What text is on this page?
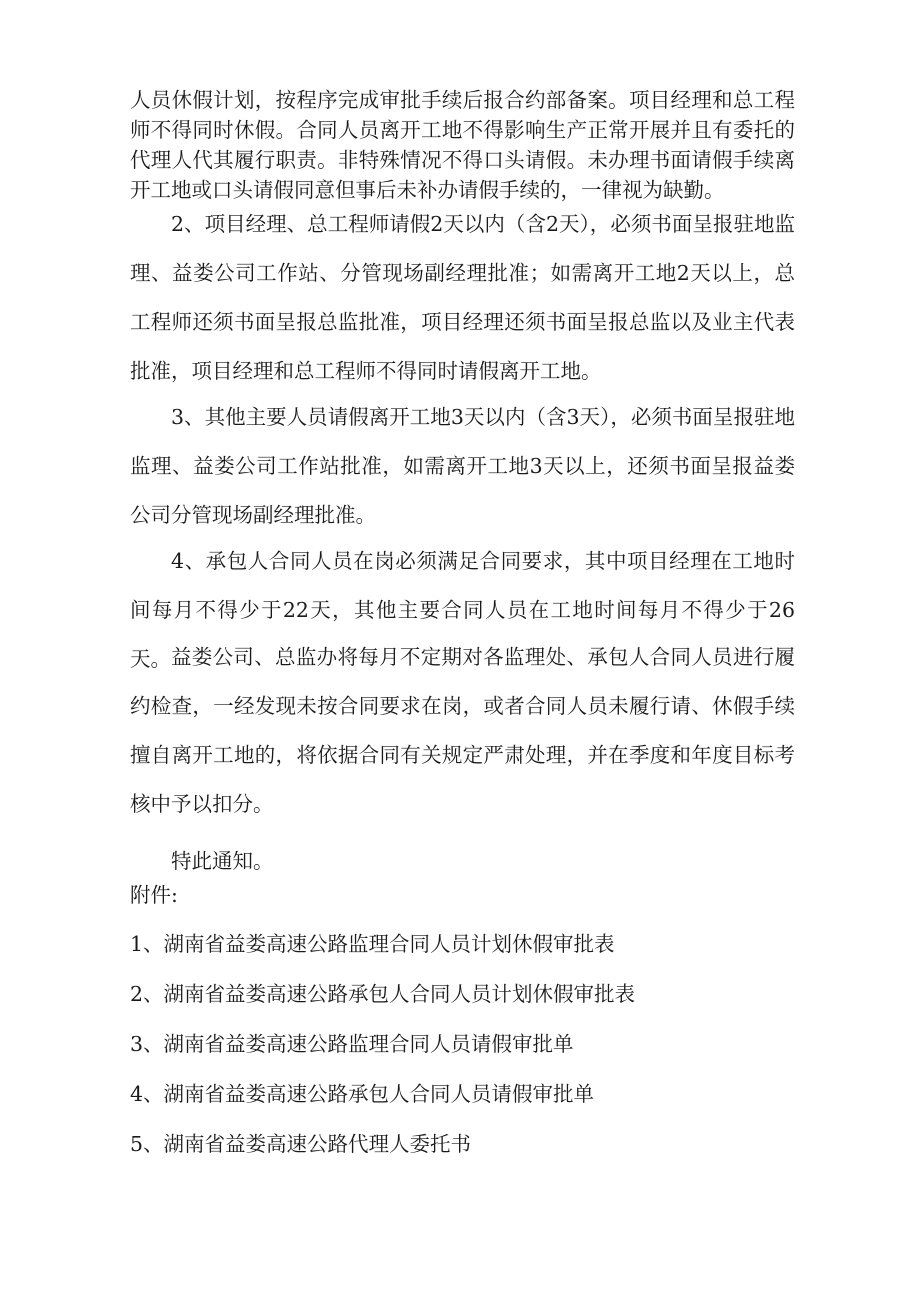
人员休假计划，按程序完成审批手续后报合约部备案。项目经理和总工程师不得同时休假。合同人员离开工地不得影响生产正常开展并且有委托的代理人代其履行职责。非特殊情况不得口头请假。未办理书面请假手续离开工地或口头请假同意但事后未补办请假手续的，一律视为缺勤。

2、项目经理、总工程师请假2天以内（含2天），必须书面呈报驻地监理、益娄公司工作站、分管现场副经理批准；如需离开工地2天以上，总工程师还须书面呈报总监批准，项目经理还须书面呈报总监以及业主代表批准，项目经理和总工程师不得同时请假离开工地。

3、其他主要人员请假离开工地3天以内（含3天），必须书面呈报驻地监理、益娄公司工作站批准，如需离开工地3天以上，还须书面呈报益娄公司分管现场副经理批准。

4、承包人合同人员在岗必须满足合同要求，其中项目经理在工地时间每月不得少于22天，其他主要合同人员在工地时间每月不得少于26天。 益娄公司、总监办将每月不定期对各监理处、承包人合同人员进行履约检查，一经发现未按合同要求在岗，或者合同人员未履行请、休假手续擅自离开工地的，将依据合同有关规定严肃处理，并在季度和年度目标考核中予以扣分。

特此通知。

附件:

1、湖南省益娄高速公路监理合同人员计划休假审批表
2、湖南省益娄高速公路承包人合同人员计划休假审批表
3、湖南省益娄高速公路监理合同人员请假审批单
4、湖南省益娄高速公路承包人合同人员请假审批单
5、湖南省益娄高速公路代理人委托书
